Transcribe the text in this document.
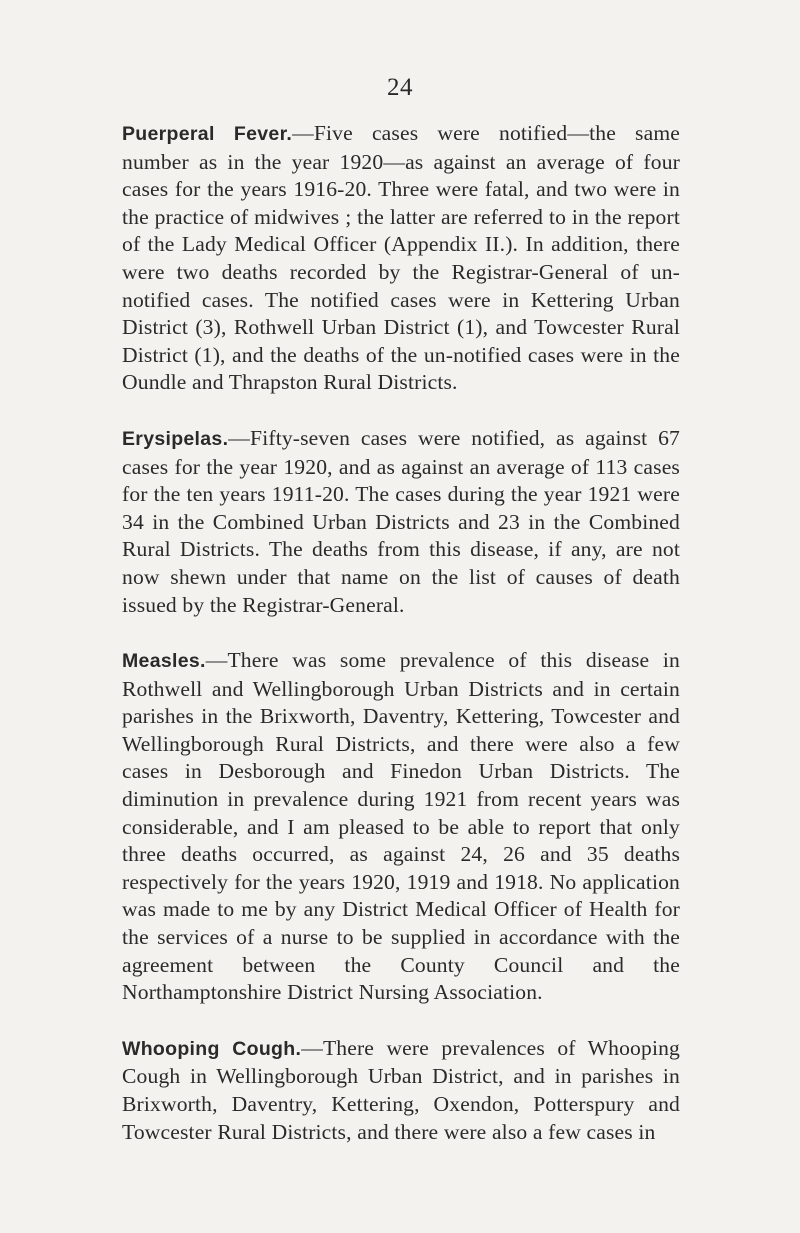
24

Puerperal Fever.—Five cases were notified—the same number as in the year 1920—as against an average of four cases for the years 1916-20. Three were fatal, and two were in the practice of midwives ; the latter are referred to in the report of the Lady Medical Officer (Appendix II.). In addition, there were two deaths recorded by the Registrar-General of un-notified cases. The notified cases were in Kettering Urban District (3), Rothwell Urban District (1), and Towcester Rural District (1), and the deaths of the un-notified cases were in the Oundle and Thrapston Rural Districts.

Erysipelas.—Fifty-seven cases were notified, as against 67 cases for the year 1920, and as against an average of 113 cases for the ten years 1911-20. The cases during the year 1921 were 34 in the Combined Urban Districts and 23 in the Combined Rural Districts. The deaths from this disease, if any, are not now shewn under that name on the list of causes of death issued by the Registrar-General.

Measles.—There was some prevalence of this disease in Rothwell and Wellingborough Urban Districts and in certain parishes in the Brixworth, Daventry, Kettering, Towcester and Wellingborough Rural Districts, and there were also a few cases in Desborough and Finedon Urban Districts. The diminution in prevalence during 1921 from recent years was considerable, and I am pleased to be able to report that only three deaths occurred, as against 24, 26 and 35 deaths respectively for the years 1920, 1919 and 1918. No application was made to me by any District Medical Officer of Health for the services of a nurse to be supplied in accordance with the agreement between the County Council and the Northamptonshire District Nursing Association.

Whooping Cough.—There were prevalences of Whooping Cough in Wellingborough Urban District, and in parishes in Brixworth, Daventry, Kettering, Oxendon, Potterspury and Towcester Rural Districts, and there were also a few cases in
